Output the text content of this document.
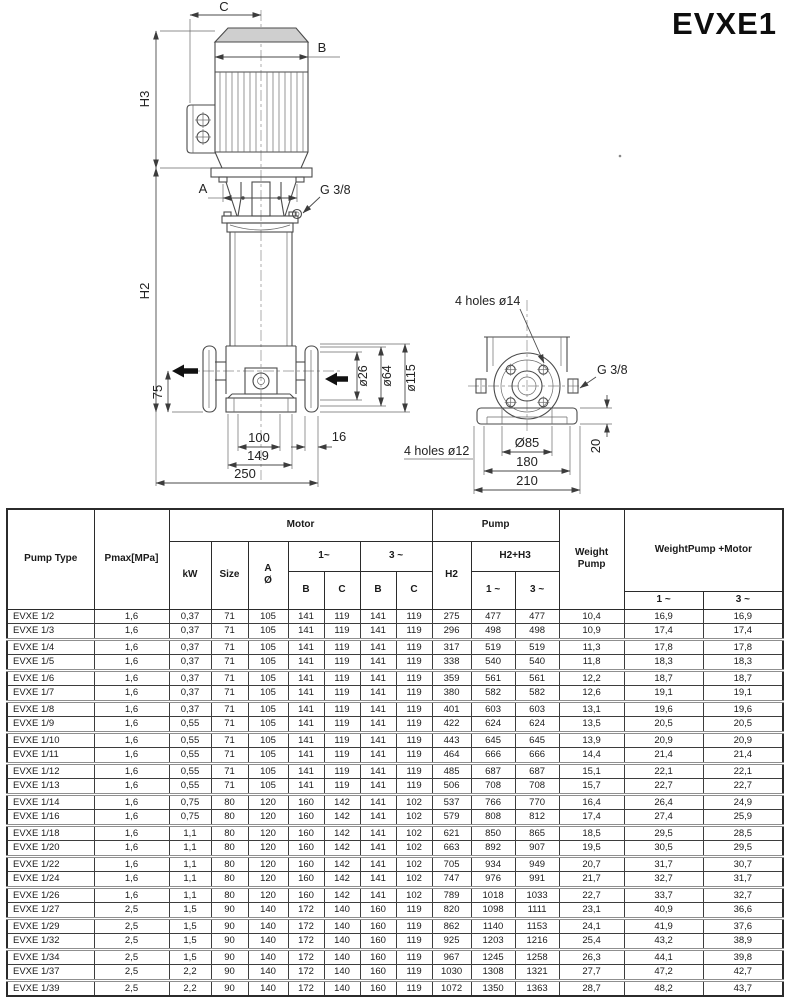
EVXE1
C
B
H3
H2
A	G 3/8
75
100
149
250
16
ø26 ø64 ø115
4 holes ø14
G 3/8
4 holes ø12
Ø85
180
210
20
Pump Type	Pmax[MPa]	Motor							Pump			Weight Pump	WeightPump +Motor	
		kW	Size	A
Ø	1~		3 ~		H2	H2+H3				
					B	C	B	C		1 ~	3 ~			
													1 ~	3 ~
EVXE 1/2	1,6	0,37	71	105	141	119	141	119	275	477	477	10,4	16,9	16,9
EVXE 1/3	1,6	0,37	71	105	141	119	141	119	296	498	498	10,9	17,4	17,4
EVXE 1/4	1,6	0,37	71	105	141	119	141	119	317	519	519	11,3	17,8	17,8
EVXE 1/5	1,6	0,37	71	105	141	119	141	119	338	540	540	11,8	18,3	18,3
EVXE 1/6	1,6	0,37	71	105	141	119	141	119	359	561	561	12,2	18,7	18,7
EVXE 1/7	1,6	0,37	71	105	141	119	141	119	380	582	582	12,6	19,1	19,1
EVXE 1/8	1,6	0,37	71	105	141	119	141	119	401	603	603	13,1	19,6	19,6
EVXE 1/9	1,6	0,55	71	105	141	119	141	119	422	624	624	13,5	20,5	20,5
EVXE 1/10	1,6	0,55	71	105	141	119	141	119	443	645	645	13,9	20,9	20,9
EVXE 1/11	1,6	0,55	71	105	141	119	141	119	464	666	666	14,4	21,4	21,4
EVXE 1/12	1,6	0,55	71	105	141	119	141	119	485	687	687	15,1	22,1	22,1
EVXE 1/13	1,6	0,55	71	105	141	119	141	119	506	708	708	15,7	22,7	22,7
EVXE 1/14	1,6	0,75	80	120	160	142	141	102	537	766	770	16,4	26,4	24,9
EVXE 1/16	1,6	0,75	80	120	160	142	141	102	579	808	812	17,4	27,4	25,9
EVXE 1/18	1,6	1,1	80	120	160	142	141	102	621	850	865	18,5	29,5	28,5
EVXE 1/20	1,6	1,1	80	120	160	142	141	102	663	892	907	19,5	30,5	29,5
EVXE 1/22	1,6	1,1	80	120	160	142	141	102	705	934	949	20,7	31,7	30,7
EVXE 1/24	1,6	1,1	80	120	160	142	141	102	747	976	991	21,7	32,7	31,7
EVXE 1/26	1,6	1,1	80	120	160	142	141	102	789	1018	1033	22,7	33,7	32,7
EVXE 1/27	2,5	1,5	90	140	172	140	160	119	820	1098	1111	23,1	40,9	36,6
EVXE 1/29	2,5	1,5	90	140	172	140	160	119	862	1140	1153	24,1	41,9	37,6
EVXE 1/32	2,5	1,5	90	140	172	140	160	119	925	1203	1216	25,4	43,2	38,9
EVXE 1/34	2,5	1,5	90	140	172	140	160	119	967	1245	1258	26,3	44,1	39,8
EVXE 1/37	2,5	2,2	90	140	172	140	160	119	1030	1308	1321	27,7	47,2	42,7
EVXE 1/39	2,5	2,2	90	140	172	140	160	119	1072	1350	1363	28,7	48,2	43,7
